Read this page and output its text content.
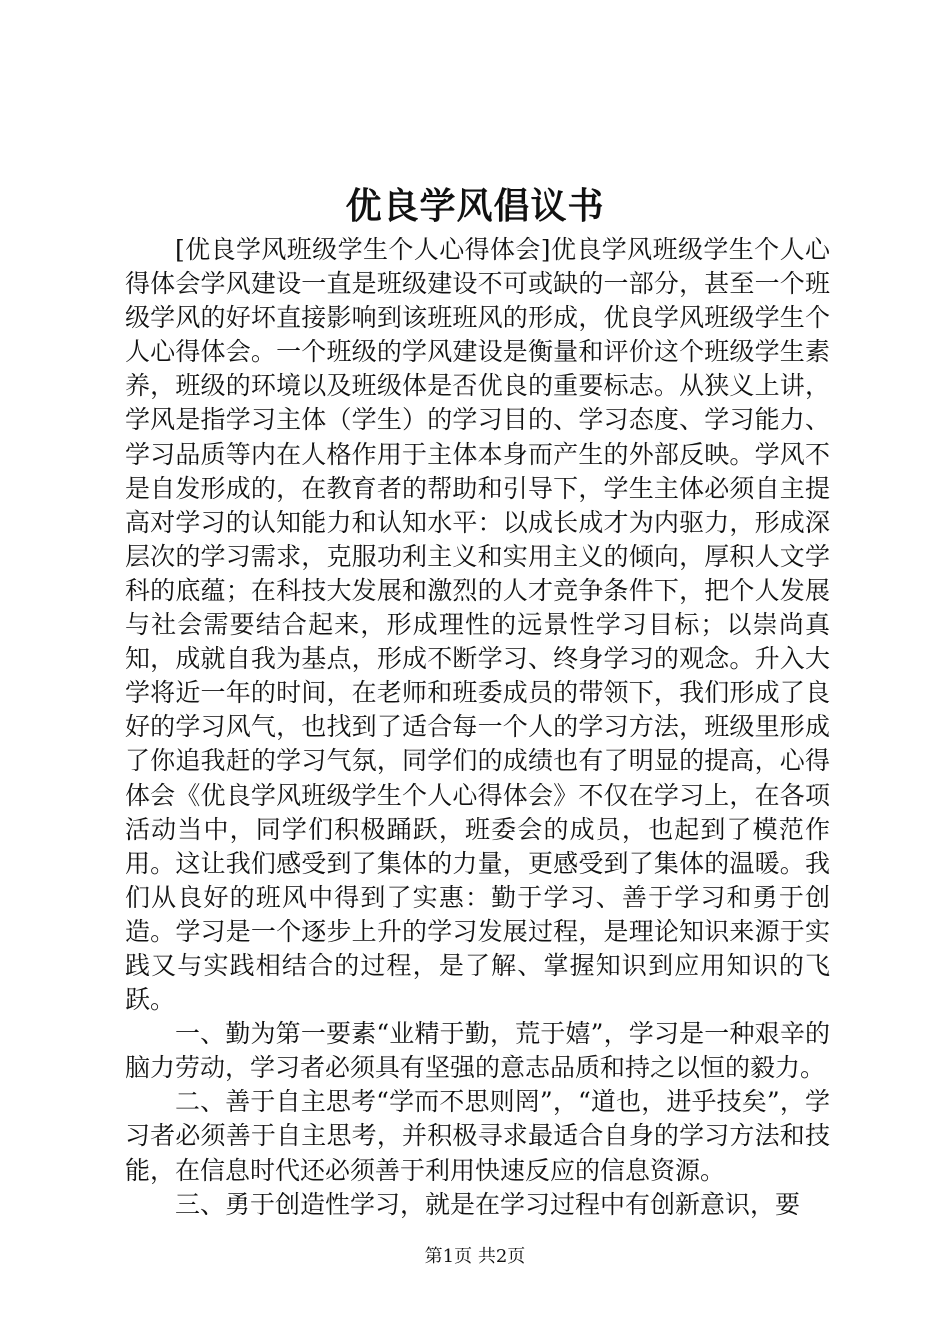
优良学风倡议书

[优良学风班级学生个人心得体会]优良学风班级学生个人心得体会学风建设一直是班级建设不可或缺的一部分，甚至一个班级学风的好坏直接影响到该班班风的形成，优良学风班级学生个人心得体会。一个班级的学风建设是衡量和评价这个班级学生素养，班级的环境以及班级体是否优良的重要标志。从狭义上讲，学风是指学习主体（学生）的学习目的、学习态度、学习能力、学习品质等内在人格作用于主体本身而产生的外部反映。学风不是自发形成的，在教育者的帮助和引导下，学生主体必须自主提高对学习的认知能力和认知水平：以成长成才为内驱力，形成深层次的学习需求，克服功利主义和实用主义的倾向，厚积人文学科的底蕴；在科技大发展和激烈的人才竞争条件下，把个人发展与社会需要结合起来，形成理性的远景性学习目标；以崇尚真知，成就自我为基点，形成不断学习、终身学习的观念。升入大学将近一年的时间，在老师和班委成员的带领下，我们形成了良好的学习风气，也找到了适合每一个人的学习方法，班级里形成了你追我赶的学习气氛，同学们的成绩也有了明显的提高，心得体会《优良学风班级学生个人心得体会》不仅在学习上，在各项活动当中，同学们积极踊跃，班委会的成员，也起到了模范作用。这让我们感受到了集体的力量，更感受到了集体的温暖。我们从良好的班风中得到了实惠：勤于学习、善于学习和勇于创造。学习是一个逐步上升的学习发展过程，是理论知识来源于实践又与实践相结合的过程，是了解、掌握知识到应用知识的飞跃。

一、勤为第一要素“业精于勤，荒于嬉”，学习是一种艰辛的脑力劳动，学习者必须具有坚强的意志品质和持之以恒的毅力。

二、善于自主思考“学而不思则罔”，“道也，进乎技矣”，学习者必须善于自主思考，并积极寻求最适合自身的学习方法和技能，在信息时代还必须善于利用快速反应的信息资源。

三、勇于创造性学习，就是在学习过程中有创新意识，要

第1页 共2页
